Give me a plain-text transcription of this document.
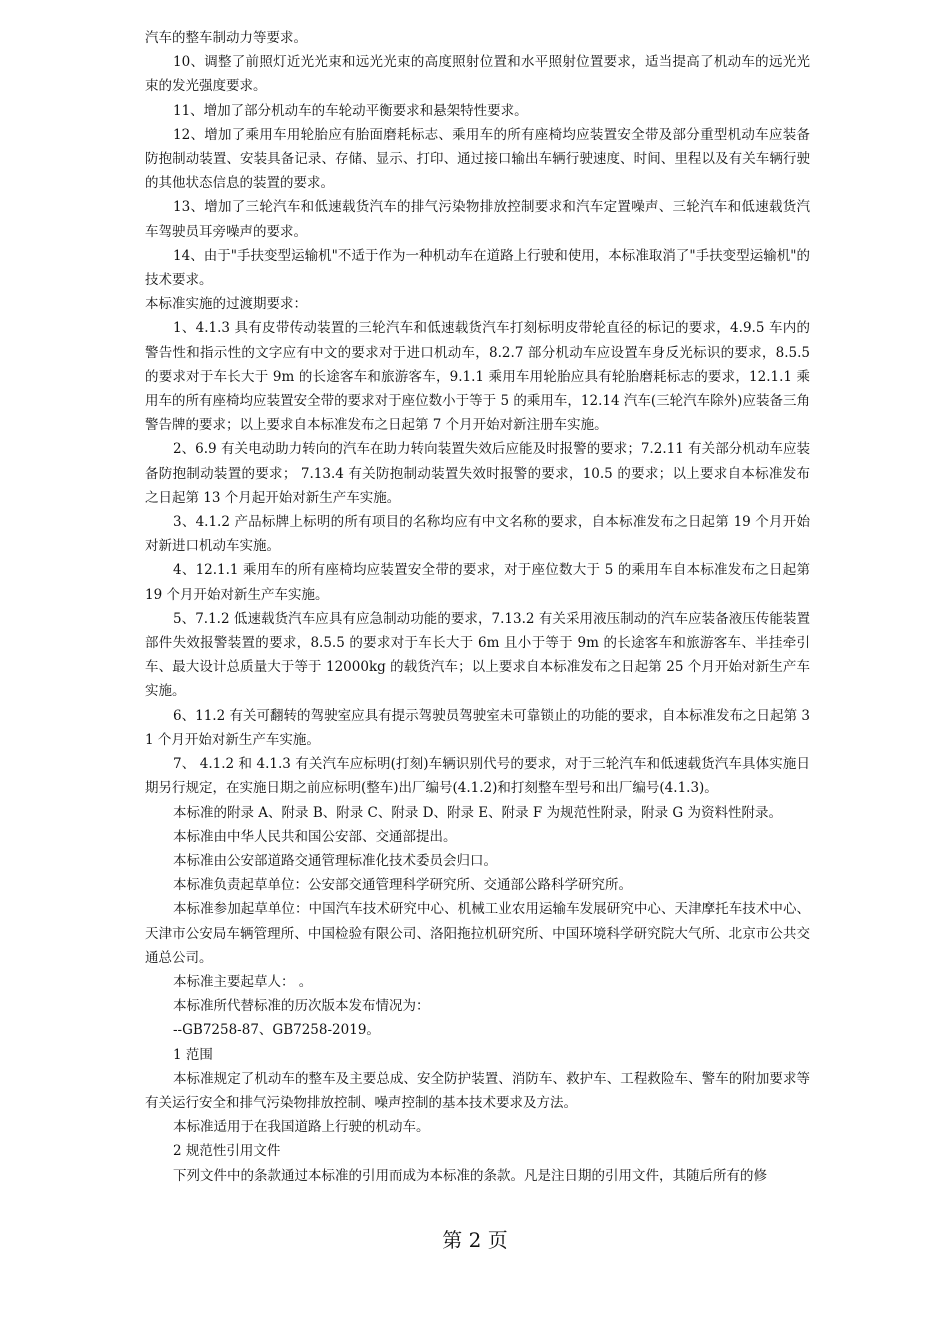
汽车的整车制动力等要求。

10、调整了前照灯近光光束和远光光束的高度照射位置和水平照射位置要求，适当提高了机动车的远光光束的发光强度要求。

11、增加了部分机动车的车轮动平衡要求和悬架特性要求。

12、增加了乘用车用轮胎应有胎面磨耗标志、乘用车的所有座椅均应装置安全带及部分重型机动车应装备防抱制动装置、安装具备记录、存储、显示、打印、通过接口输出车辆行驶速度、时间、里程以及有关车辆行驶的其他状态信息的装置的要求。

13、增加了三轮汽车和低速载货汽车的排气污染物排放控制要求和汽车定置噪声、三轮汽车和低速载货汽车驾驶员耳旁噪声的要求。

14、由于"手扶变型运输机"不适于作为一种机动车在道路上行驶和使用，本标准取消了"手扶变型运输机"的技术要求。

本标准实施的过渡期要求：

1、4.1.3 具有皮带传动装置的三轮汽车和低速载货汽车打刻标明皮带轮直径的标记的要求，4.9.5 车内的警告性和指示性的文字应有中文的要求对于进口机动车，8.2.7 部分机动车应设置车身反光标识的要求，8.5.5 的要求对于车长大于 9m 的长途客车和旅游客车，9.1.1 乘用车用轮胎应具有轮胎磨耗标志的要求，12.1.1 乘用车的所有座椅均应装置安全带的要求对于座位数小于等于 5 的乘用车，12.14 汽车(三轮汽车除外)应装备三角警告牌的要求；以上要求自本标准发布之日起第 7 个月开始对新注册车实施。

2、6.9 有关电动助力转向的汽车在助力转向装置失效后应能及时报警的要求；7.2.11 有关部分机动车应装备防抱制动装置的要求； 7.13.4 有关防抱制动装置失效时报警的要求，10.5 的要求；以上要求自本标准发布之日起第 13 个月起开始对新生产车实施。

3、4.1.2 产品标牌上标明的所有项目的名称均应有中文名称的要求，自本标准发布之日起第 19 个月开始对新进口机动车实施。

4、12.1.1 乘用车的所有座椅均应装置安全带的要求，对于座位数大于 5 的乘用车自本标准发布之日起第 19 个月开始对新生产车实施。

5、7.1.2 低速载货汽车应具有应急制动功能的要求，7.13.2 有关采用液压制动的汽车应装备液压传能装置部件失效报警装置的要求，8.5.5 的要求对于车长大于 6m 且小于等于 9m 的长途客车和旅游客车、半挂牵引车、最大设计总质量大于等于 12000kg 的载货汽车；以上要求自本标准发布之日起第 25 个月开始对新生产车实施。

6、11.2 有关可翻转的驾驶室应具有提示驾驶员驾驶室未可靠锁止的功能的要求，自本标准发布之日起第 31 个月开始对新生产车实施。

7、 4.1.2 和 4.1.3 有关汽车应标明(打刻)车辆识别代号的要求，对于三轮汽车和低速载货汽车具体实施日期另行规定，在实施日期之前应标明(整车)出厂编号(4.1.2)和打刻整车型号和出厂编号(4.1.3)。

本标准的附录 A、附录 B、附录 C、附录 D、附录 E、附录 F 为规范性附录，附录 G 为资料性附录。

本标准由中华人民共和国公安部、交通部提出。

本标准由公安部道路交通管理标准化技术委员会归口。

本标准负责起草单位：公安部交通管理科学研究所、交通部公路科学研究所。

本标准参加起草单位：中国汽车技术研究中心、机械工业农用运输车发展研究中心、天津摩托车技术中心、天津市公安局车辆管理所、中国检验有限公司、洛阳拖拉机研究所、中国环境科学研究院大气所、北京市公共交通总公司。

本标准主要起草人： 。

本标准所代替标准的历次版本发布情况为：

--GB7258-87、GB7258-2019。

1 范围

本标准规定了机动车的整车及主要总成、安全防护装置、消防车、救护车、工程救险车、警车的附加要求等有关运行安全和排气污染物排放控制、噪声控制的基本技术要求及方法。

本标准适用于在我国道路上行驶的机动车。

2 规范性引用文件

下列文件中的条款通过本标准的引用而成为本标准的条款。凡是注日期的引用文件，其随后所有的修

第 2 页
